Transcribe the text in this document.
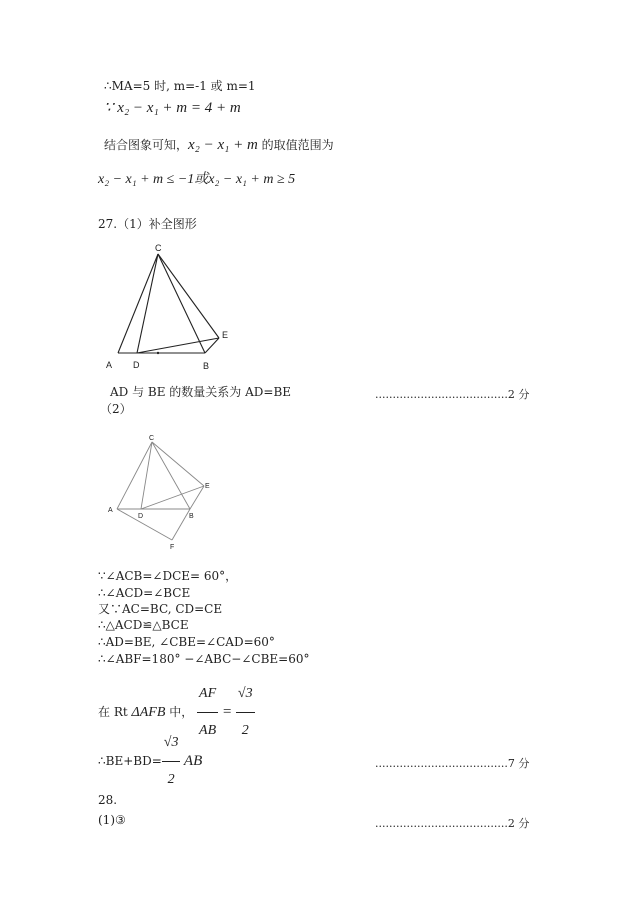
∴MA=5 时, m=-1 或 m=1
∵ x₂ − x₁ + m = 4 + m
结合图象可知，x₂ − x₁ + m 的取值范围为
x₂ − x₁ + m ≤ −1或x₂ − x₁ + m ≥ 5
27.（1）补全图形
C
A D	B
E
C
A
D	B
E
F
AD 与 BE 的数量关系为 AD=BE	......................................2 分
（2）
∵∠ACB=∠DCE= 60°，
∴∠ACD=∠BCE
又∵AC=BC, CD=CE
∴△ACD≌△BCE
∴AD=BE, ∠CBE=∠CAD=60°
∴∠ABF=180° −∠ABC−∠CBE=60°
在 Rt ΔAFB 中， $\frac{AF}{AB} = \frac{√3}{2}$
∴BE+BD= $\frac{√3}{2}$ AB	......................................7 分
28.
(1)③	......................................2 分
